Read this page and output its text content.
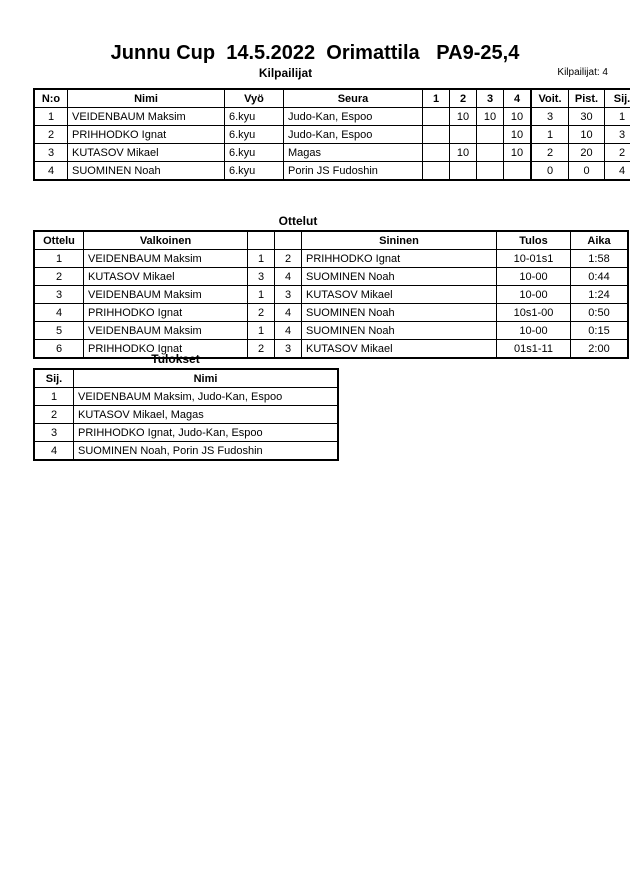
Junnu Cup  14.5.2022  Orimattila   PA9-25,4
Kilpailijat: 4
Kilpailijat
N:o	Nimi	Vyö	Seura	1	2	3	4	Voit.	Pist.	Sij.
1	VEIDENBAUM Maksim	6.kyu	Judo-Kan, Espoo		10	10	10	3	30	1
2	PRIHHODKO Ignat	6.kyu	Judo-Kan, Espoo				10	1	10	3
3	KUTASOV Mikael	6.kyu	Magas		10		10	2	20	2
4	SUOMINEN Noah	6.kyu	Porin JS Fudoshin					0	0	4
Ottelut
Ottelu	Valkoinen			Sininen	Tulos	Aika
1	VEIDENBAUM Maksim	1	2	PRIHHODKO Ignat	10-01s1	1:58
2	KUTASOV Mikael	3	4	SUOMINEN Noah	10-00	0:44
3	VEIDENBAUM Maksim	1	3	KUTASOV Mikael	10-00	1:24
4	PRIHHODKO Ignat	2	4	SUOMINEN Noah	10s1-00	0:50
5	VEIDENBAUM Maksim	1	4	SUOMINEN Noah	10-00	0:15
6	PRIHHODKO Ignat	2	3	KUTASOV Mikael	01s1-11	2:00
Tulokset
Sij.	Nimi
1	VEIDENBAUM Maksim, Judo-Kan, Espoo
2	KUTASOV Mikael, Magas
3	PRIHHODKO Ignat, Judo-Kan, Espoo
4	SUOMINEN Noah, Porin JS Fudoshin
